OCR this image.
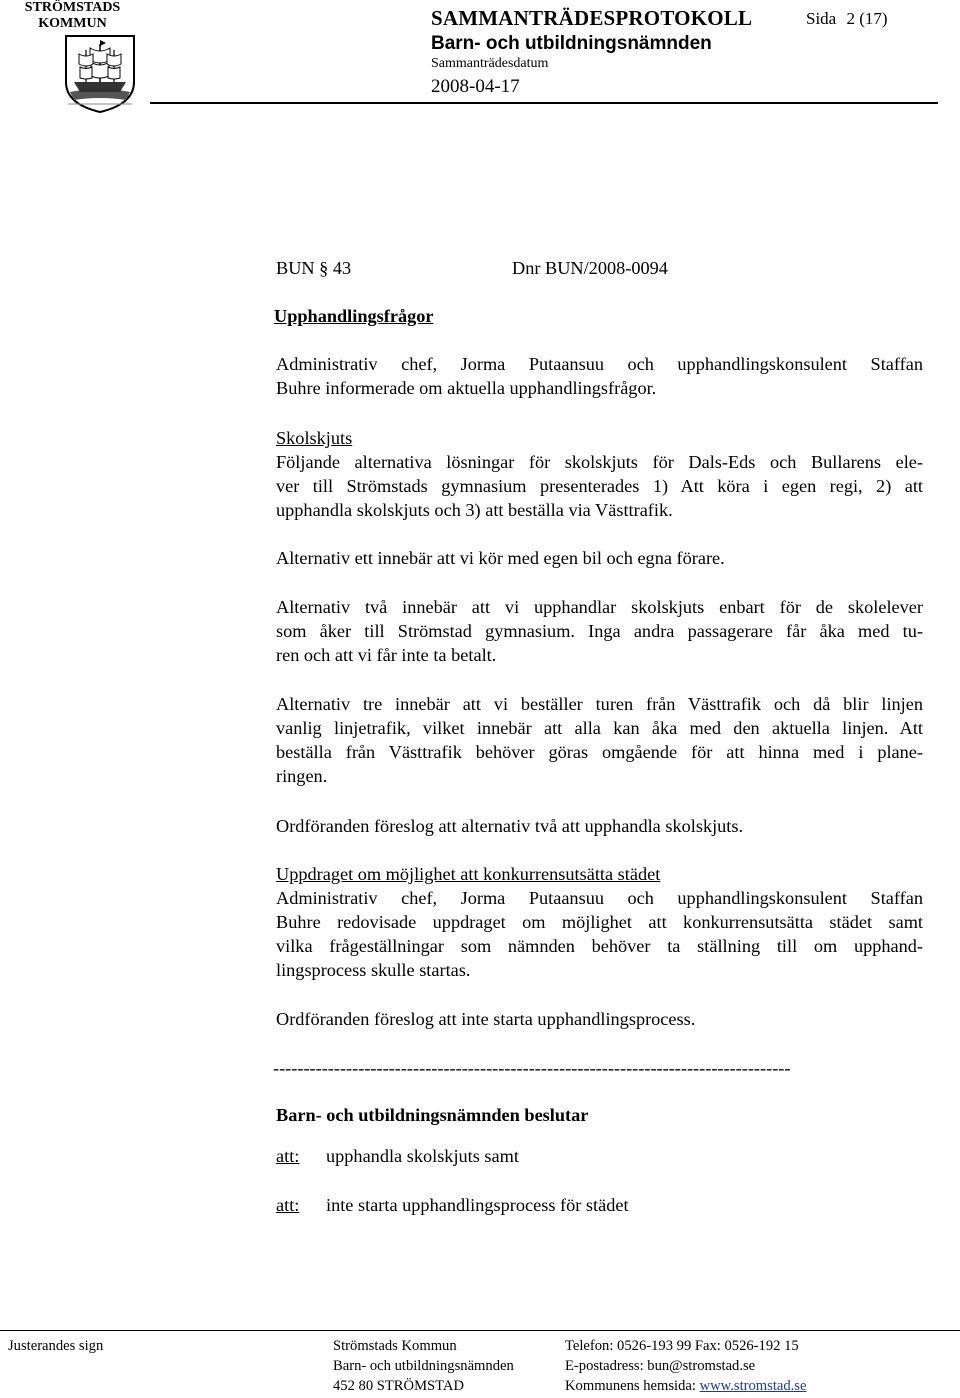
STRÖMSTADS
KOMMUN	SAMMANTRÄDESPROTOKOLL	Sida 2 (17)
Barn- och utbildningsnämnden
Sammanträdesdatum
2008-04-17
BUN § 43	Dnr BUN/2008-0094
Upphandlingsfrågor
Administrativ chef, Jorma Putaansuu och upphandlingskonsulent Staffan
Buhre informerade om aktuella upphandlingsfrågor.
Skolskjuts
Följande alternativa lösningar för skolskjuts för Dals-Eds och Bullarens ele-
ver till Strömstads gymnasium presenterades 1) Att köra i egen regi, 2) att
upphandla skolskjuts och 3) att beställa via Västtrafik.
Alternativ ett innebär att vi kör med egen bil och egna förare.
Alternativ två innebär att vi upphandlar skolskjuts enbart för de skolelever
som åker till Strömstad gymnasium. Inga andra passagerare får åka med tu-
ren och att vi får inte ta betalt.
Alternativ tre innebär att vi beställer turen från Västtrafik och då blir linjen
vanlig linjetrafik, vilket innebär att alla kan åka med den aktuella linjen. Att
beställa från Västtrafik behöver göras omgående för att hinna med i plane-
ringen.
Ordföranden föreslog att alternativ två att upphandla skolskjuts.
Uppdraget om möjlighet att konkurrensutsätta städet
Administrativ chef, Jorma Putaansuu och upphandlingskonsulent Staffan
Buhre redovisade uppdraget om möjlighet att konkurrensutsätta städet samt
vilka frågeställningar som nämnden behöver ta ställning till om upphand-
lingsprocess skulle startas.
Ordföranden föreslog att inte starta upphandlingsprocess.
-------------------------------------------------------------------------------------
Barn- och utbildningsnämnden beslutar
att: upphandla skolskjuts samt
att: inte starta upphandlingsprocess för städet
Justerandes sign	Strömstads Kommun
Barn- och utbildningsnämnden
452 80 STRÖMSTAD
Telefon: 0526-193 99 Fax: 0526-192 15
E-postadress: bun@stromstad.se
Kommunens hemsida: www.stromstad.se
